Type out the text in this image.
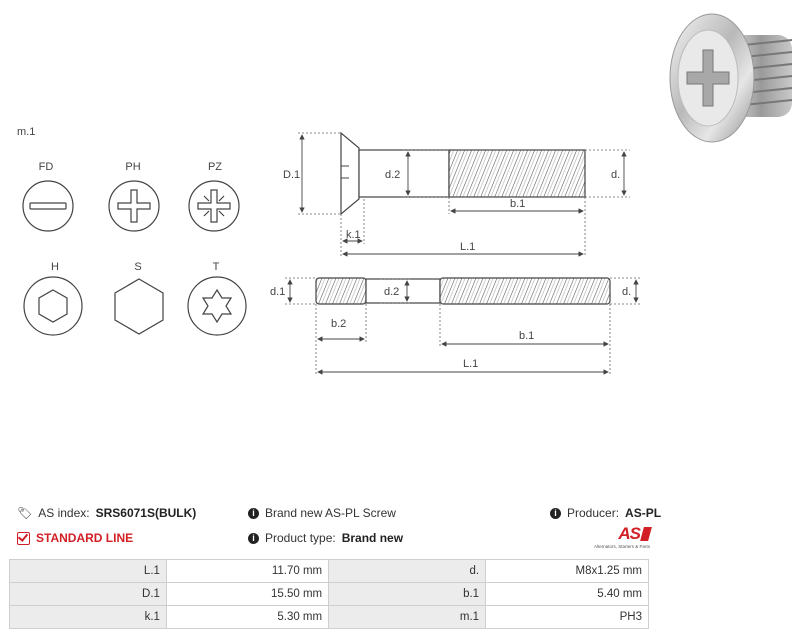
m.1
FD	PH	PZ
H	S	T
D.1	d.2	d.
b.1
k.1
L.1
d.1	d.2	d.
b.2
b.1
L.1
🏷 AS index: SRS6071S(BULK)
STANDARD LINE
i Brand new AS-PL Screw
i Product type: Brand new
i Producer: AS-PL
AS
Alternators, Starters & Parts
L.1	11.70 mm	d.	M8x1.25 mm
D.1	15.50 mm	b.1	5.40 mm
k.1	5.30 mm	m.1	PH3
